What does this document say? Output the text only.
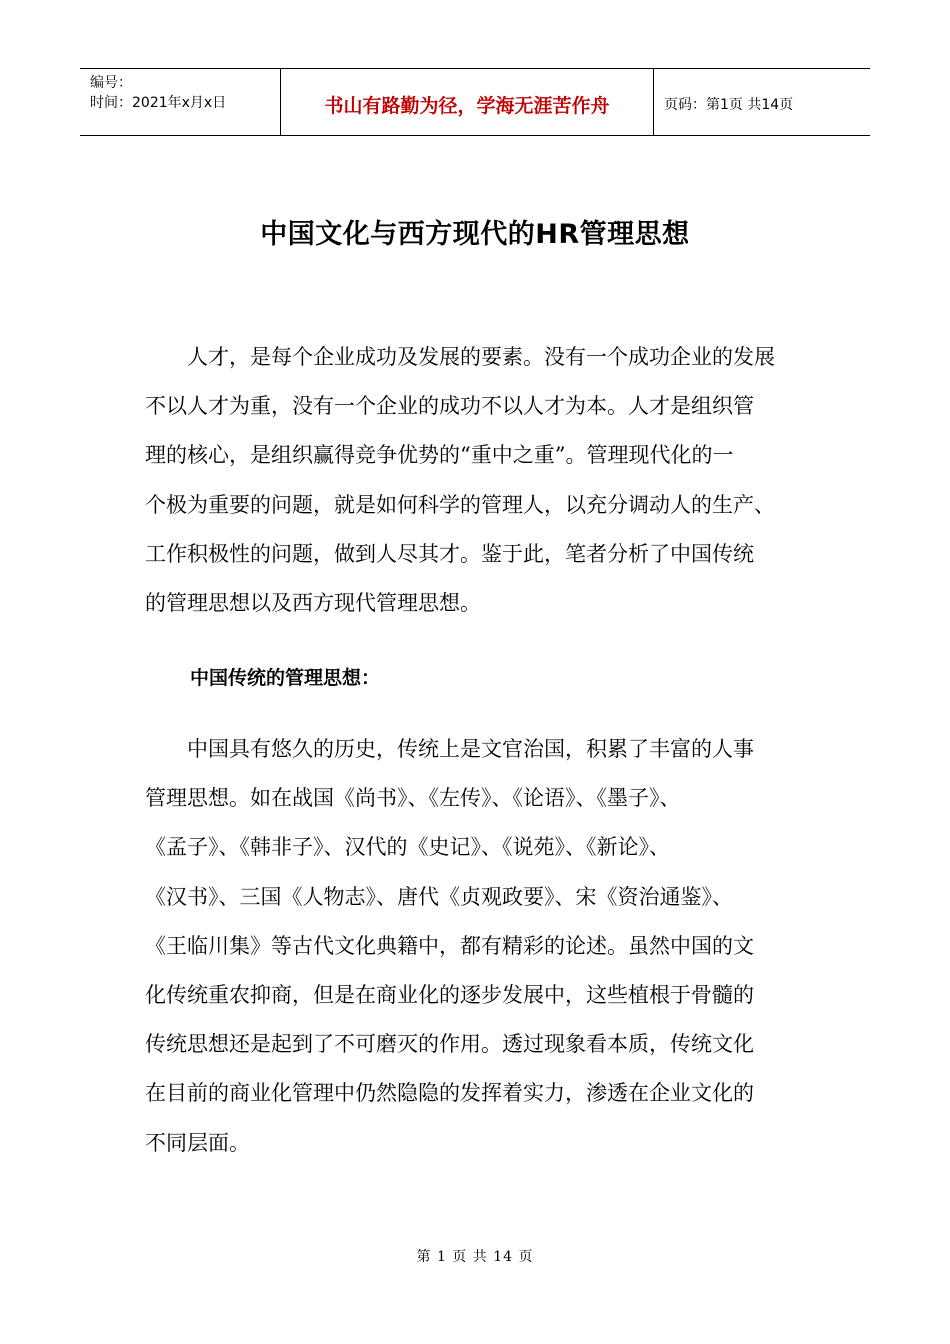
编号：
时间：2021年x月x日	书山有路勤为径，学海无涯苦作舟	页码：第1页 共14页
中国文化与西方现代的HR管理思想
人才，是每个企业成功及发展的要素。没有一个成功企业的发展
不以人才为重，没有一个企业的成功不以人才为本。人才是组织管
理的核心，是组织赢得竞争优势的“重中之重”。管理现代化的一
个极为重要的问题，就是如何科学的管理人，以充分调动人的生产、
工作积极性的问题，做到人尽其才。鉴于此，笔者分析了中国传统
的管理思想以及西方现代管理思想。
中国传统的管理思想：
中国具有悠久的历史，传统上是文官治国，积累了丰富的人事
管理思想。如在战国《尚书》、《左传》、《论语》、《墨子》、
《孟子》、《韩非子》、汉代的《史记》、《说苑》、《新论》、
《汉书》、三国《人物志》、唐代《贞观政要》、宋《资治通鉴》、
《王临川集》等古代文化典籍中，都有精彩的论述。虽然中国的文
化传统重农抑商，但是在商业化的逐步发展中，这些植根于骨髓的
传统思想还是起到了不可磨灭的作用。透过现象看本质，传统文化
在目前的商业化管理中仍然隐隐的发挥着实力，渗透在企业文化的
不同层面。
第 1 页 共 14 页
